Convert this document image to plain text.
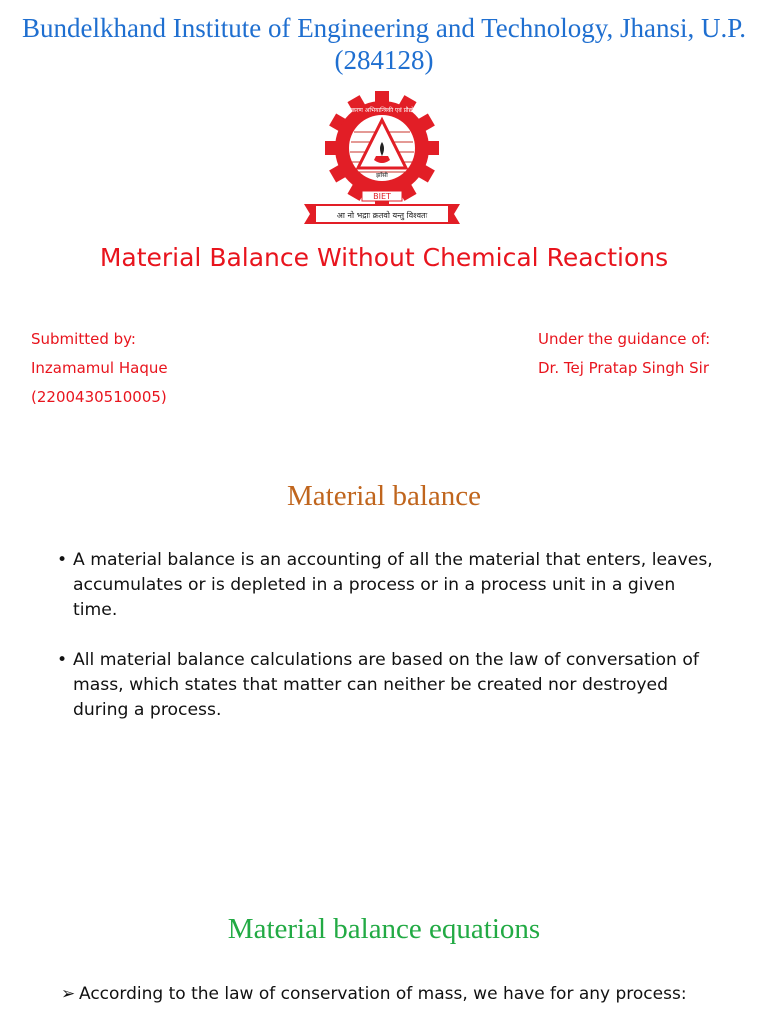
Bundelkhand Institute of Engineering and Technology, Jhansi, U.P. (284128)
शान्तिकरण अभियान्त्रिकी एवं प्रौद्योगिकी
झाँसी
BIET
आ नो भद्राः क्रतवो यन्तु विश्वतः
Material Balance Without Chemical Reactions
Submitted by:
Inzamamul Haque
(2200430510005)
Under the guidance of:
Dr. Tej Pratap Singh Sir
Material balance
• A material balance is an accounting of all the material that enters, leaves, accumulates or is depleted in a process or in a process unit in a given time.
• All material balance calculations are based on the law of conversation of mass, which states that matter can neither be created nor destroyed during a process.
Material balance equations
➢ According to the law of conservation of mass, we have for any process:
